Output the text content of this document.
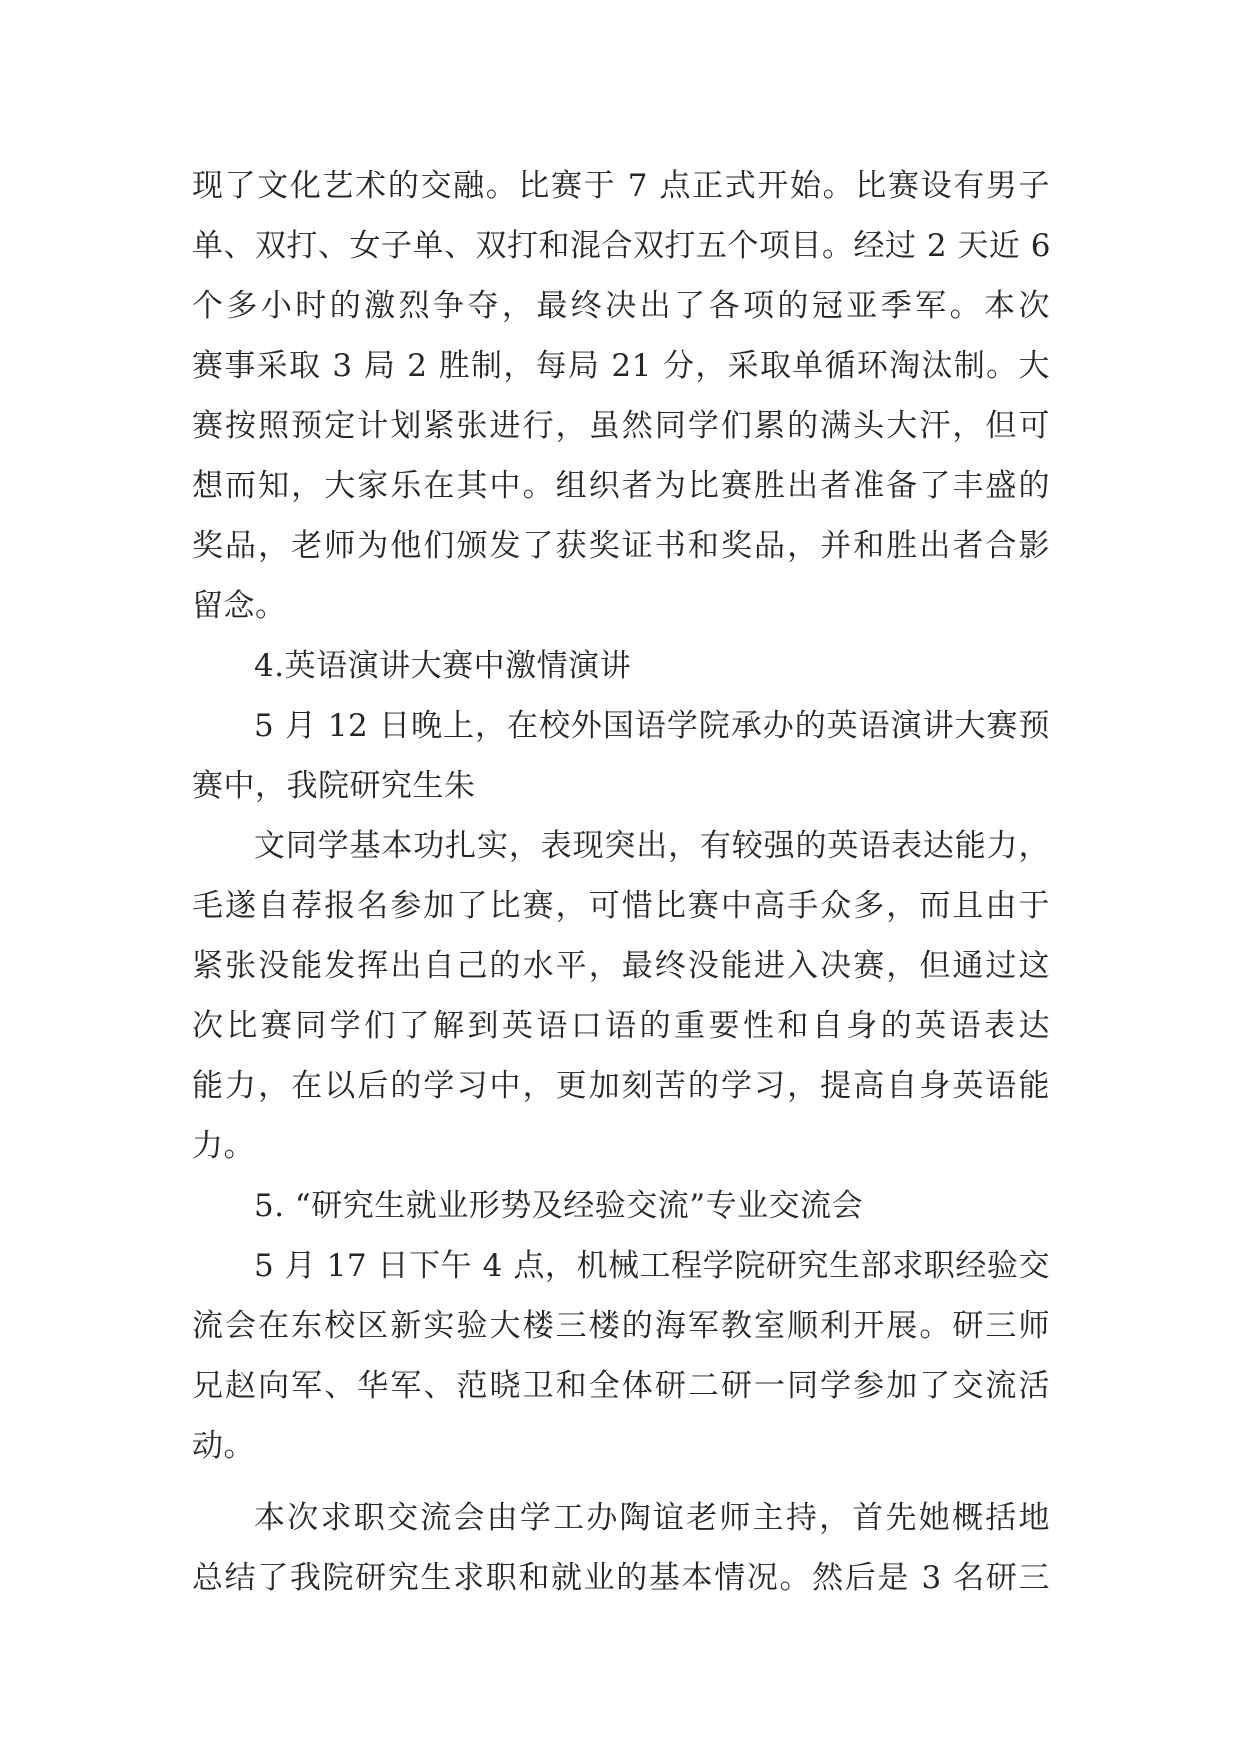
现了文化艺术的交融。比赛于 7 点正式开始。比赛设有男子
单、双打、女子单、双打和混合双打五个项目。经过 2 天近 6
个多小时的激烈争夺，最终决出了各项的冠亚季军。本次
赛事采取 3 局 2 胜制，每局 21 分，采取单循环淘汰制。大
赛按照预定计划紧张进行，虽然同学们累的满头大汗，但可
想而知，大家乐在其中。组织者为比赛胜出者准备了丰盛的
奖品，老师为他们颁发了获奖证书和奖品，并和胜出者合影
留念。
4.英语演讲大赛中激情演讲
5 月 12 日晚上，在校外国语学院承办的英语演讲大赛预
赛中，我院研究生朱
文同学基本功扎实，表现突出，有较强的英语表达能力，
毛遂自荐报名参加了比赛，可惜比赛中高手众多，而且由于
紧张没能发挥出自己的水平，最终没能进入决赛，但通过这
次比赛同学们了解到英语口语的重要性和自身的英语表达
能力，在以后的学习中，更加刻苦的学习，提高自身英语能
力。
5. “研究生就业形势及经验交流”专业交流会
5 月 17 日下午 4 点，机械工程学院研究生部求职经验交
流会在东校区新实验大楼三楼的海军教室顺利开展。研三师
兄赵向军、华军、范晓卫和全体研二研一同学参加了交流活
动。
本次求职交流会由学工办陶谊老师主持，首先她概括地
总结了我院研究生求职和就业的基本情况。然后是 3 名研三
